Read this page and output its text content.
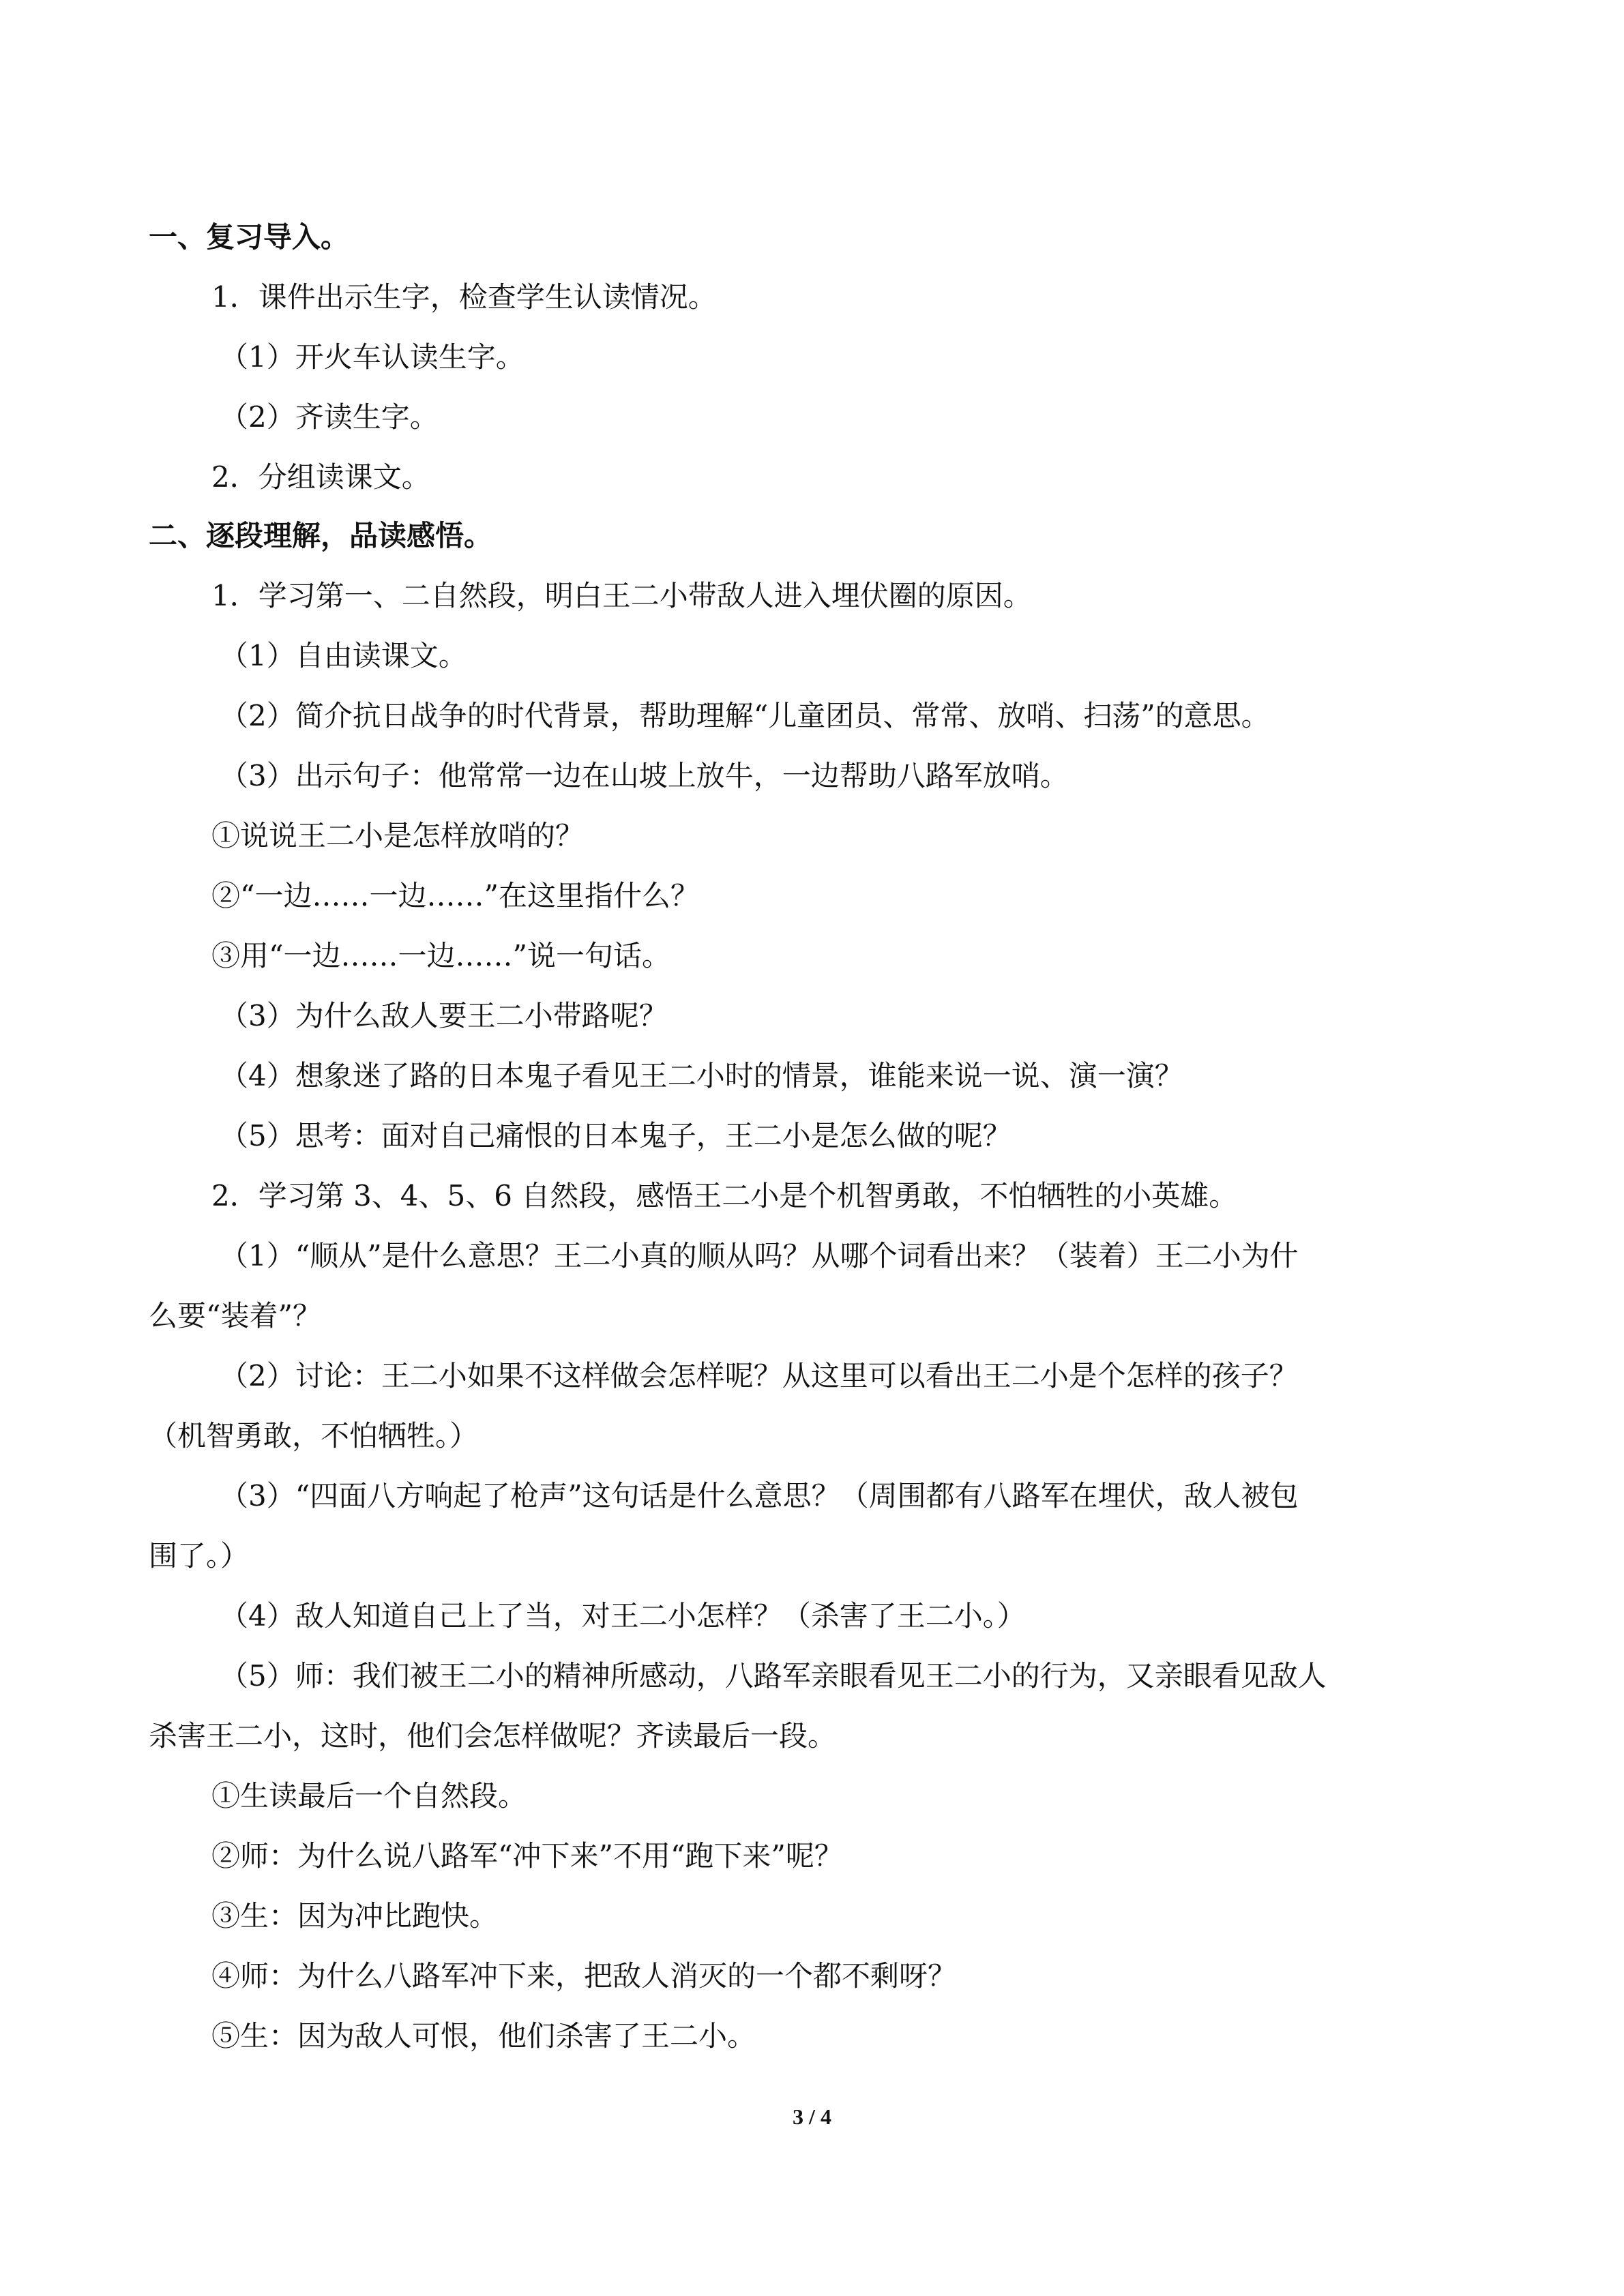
一、复习导入。
1．课件出示生字，检查学生认读情况。
（1）开火车认读生字。
（2）齐读生字。
2．分组读课文。
二、逐段理解，品读感悟。
1．学习第一、二自然段，明白王二小带敌人进入埋伏圈的原因。
（1）自由读课文。
（2）简介抗日战争的时代背景，帮助理解“儿童团员、常常、放哨、扫荡”的意思。
（3）出示句子：他常常一边在山坡上放牛，一边帮助八路军放哨。
①说说王二小是怎样放哨的？
②“一边……一边……”在这里指什么？
③用“一边……一边……”说一句话。
（3）为什么敌人要王二小带路呢？
（4）想象迷了路的日本鬼子看见王二小时的情景，谁能来说一说、演一演？
（5）思考：面对自己痛恨的日本鬼子，王二小是怎么做的呢？
2．学习第 3、4、5、6 自然段，感悟王二小是个机智勇敢，不怕牺牲的小英雄。
（1）“顺从”是什么意思？王二小真的顺从吗？从哪个词看出来？（装着）王二小为什
么要“装着”？
（2）讨论：王二小如果不这样做会怎样呢？从这里可以看出王二小是个怎样的孩子？
（机智勇敢，不怕牺牲。）
（3）“四面八方响起了枪声”这句话是什么意思？（周围都有八路军在埋伏，敌人被包
围了。）
（4）敌人知道自己上了当，对王二小怎样？（杀害了王二小。）
（5）师：我们被王二小的精神所感动，八路军亲眼看见王二小的行为，又亲眼看见敌人
杀害王二小，这时，他们会怎样做呢？齐读最后一段。
①生读最后一个自然段。
②师：为什么说八路军“冲下来”不用“跑下来”呢？
③生：因为冲比跑快。
④师：为什么八路军冲下来，把敌人消灭的一个都不剩呀？
⑤生：因为敌人可恨，他们杀害了王二小。
3 / 4
